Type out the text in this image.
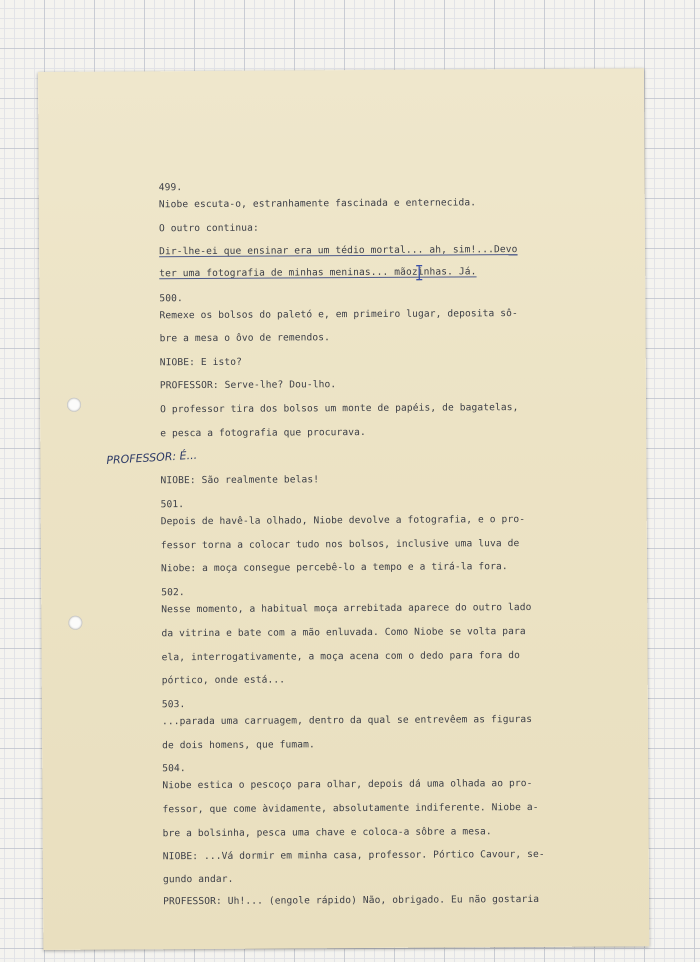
499.
Niobe escuta-o, estranhamente fascinada e enternecida.
O outro continua:
Dir-lhe-ei que ensinar era um tédio mortal... ah, sim!...Devo
ter uma fotografia de minhas meninas... mãozinhas. Já.
500.
Remexe os bolsos do paletó e, em primeiro lugar, deposita sô-
bre a mesa o ôvo de remendos.
NIOBE: E isto?
PROFESSOR: Serve-lhe? Dou-lho.
O professor tira dos bolsos um monte de papéis, de bagatelas,
e pesca a fotografia que procurava.
PROFESSOR: É...
NIOBE: São realmente belas!
501.
Depois de havê-la olhado, Niobe devolve a fotografia, e o pro-
fessor torna a colocar tudo nos bolsos, inclusive uma luva de
Niobe: a moça consegue percebê-lo a tempo e a tirá-la fora.
502.
Nesse momento, a habitual moça arrebitada aparece do outro lado
da vitrina e bate com a mão enluvada. Como Niobe se volta para
ela, interrogativamente, a moça acena com o dedo para fora do
pórtico, onde está...
503.
...parada uma carruagem, dentro da qual se entrevêem as figuras
de dois homens, que fumam.
504.
Niobe estica o pescoço para olhar, depois dá uma olhada ao pro-
fessor, que come àvidamente, absolutamente indiferente. Niobe a-
bre a bolsinha, pesca uma chave e coloca-a sôbre a mesa.
NIOBE: ...Vá dormir em minha casa, professor. Pórtico Cavour, se-
gundo andar.
PROFESSOR: Uh!... (engole rápido) Não, obrigado. Eu não gostaria
